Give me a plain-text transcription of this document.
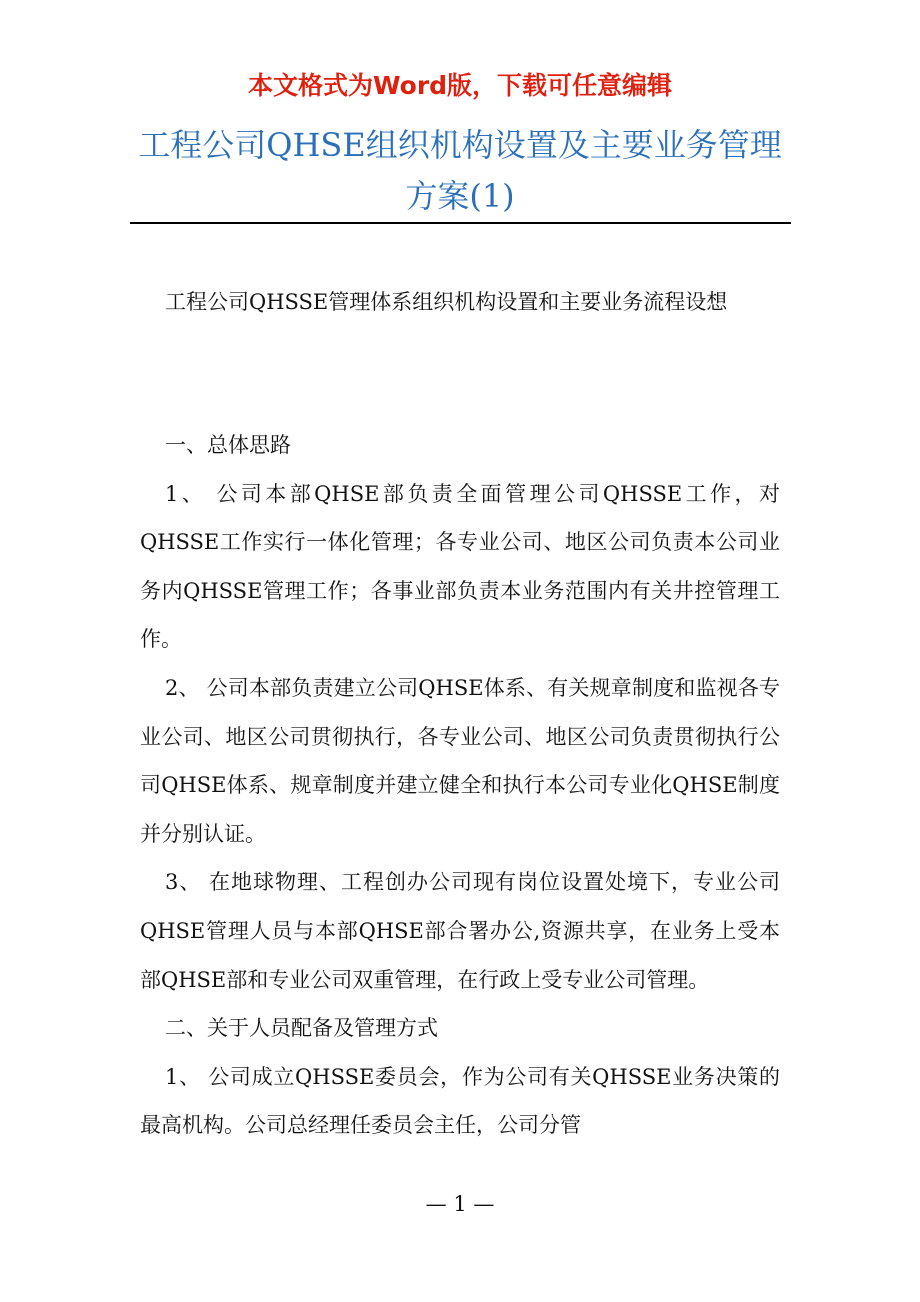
本文格式为Word版，下载可任意编辑
工程公司QHSE组织机构设置及主要业务管理方案(1)

工程公司QHSSE管理体系组织机构设置和主要业务流程设想

一、总体思路

1、 公司本部QHSE部负责全面管理公司QHSSE工作，对QHSSE工作实行一体化管理；各专业公司、地区公司负责本公司业务内QHSSE管理工作；各事业部负责本业务范围内有关井控管理工作。

2、 公司本部负责建立公司QHSE体系、有关规章制度和监视各专业公司、地区公司贯彻执行，各专业公司、地区公司负责贯彻执行公司QHSE体系、规章制度并建立健全和执行本公司专业化QHSE制度并分别认证。

3、 在地球物理、工程创办公司现有岗位设置处境下，专业公司QHSE管理人员与本部QHSE部合署办公,资源共享，在业务上受本部QHSE部和专业公司双重管理，在行政上受专业公司管理。

二、关于人员配备及管理方式

1、 公司成立QHSSE委员会，作为公司有关QHSSE业务决策的最高机构。公司总经理任委员会主任，公司分管

— 1 —
